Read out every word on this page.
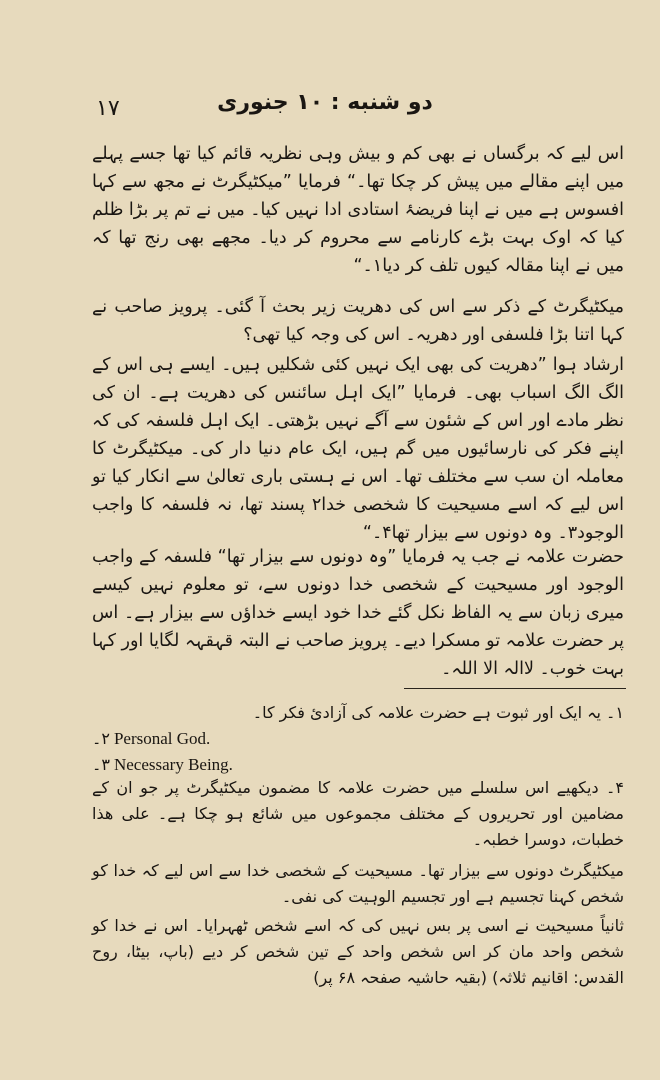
۱۷	دو شنبه : ۱۰ جنوری

اس لیے کہ برگساں نے بھی کم و بیش وہی نظریہ قائم کیا تھا جسے پہلے میں اپنے مقالے میں پیش کر چکا تھا۔“ فرمایا ”میکٹیگرٹ نے مجھ سے کہا افسوس ہے میں نے اپنا فریضۂ استادی ادا نہیں کیا۔ میں نے تم پر بڑا ظلم کیا کہ اوک بہت بڑے کارنامے سے محروم کر دیا۔ مجھے بھی رنج تھا کہ میں نے اپنا مقالہ کیوں تلف کر دیا۱۔“

میکٹیگرٹ کے ذکر سے اس کی دھریت زیر بحث آ گئی۔ پرویز صاحب نے کہا اتنا بڑا فلسفی اور دھریہ۔ اس کی وجہ کیا تھی؟

ارشاد ہوا ”دھریت کی بھی ایک نہیں کئی شکلیں ہیں۔ ایسے ہی اس کے الگ الگ اسباب بھی۔ فرمایا ”ایک اہل سائنس کی دھریت ہے۔ ان کی نظر مادے اور اس کے شئون سے آگے نہیں بڑھتی۔ ایک اہل فلسفہ کی کہ اپنے فکر کی نارسائیوں میں گم ہیں، ایک عام دنیا دار کی۔ میکٹیگرٹ کا معاملہ ان سب سے مختلف تھا۔ اس نے ہستی باری تعالیٰ سے انکار کیا تو اس لیے کہ اسے مسیحیت کا شخصی خدا۲ پسند تھا، نہ فلسفہ کا واجب الوجود۳۔ وہ دونوں سے بیزار تھا۴۔“

حضرت علامہ نے جب یہ فرمایا ”وہ دونوں سے بیزار تھا“ فلسفہ کے واجب الوجود اور مسیحیت کے شخصی خدا دونوں سے، تو معلوم نہیں کیسے میری زبان سے یہ الفاظ نکل گئے خدا خود ایسے خداؤں سے بیزار ہے۔ اس پر حضرت علامہ تو مسکرا دیے۔ پرویز صاحب نے البتہ قہقہہ لگایا اور کہا بہت خوب۔ لاالہ الا اللہ۔

۱۔ یہ ایک اور ثبوت ہے حضرت علامہ کی آزادیٔ فکر کا۔

Personal God.
۲۔
Necessary Being.
۳۔

۴۔ دیکھیے اس سلسلے میں حضرت علامہ کا مضمون میکٹیگرٹ پر جو ان کے مضامین اور تحریروں کے مختلف مجموعوں میں شائع ہو چکا ہے۔ علی ھذا خطبات، دوسرا خطبہ۔

میکٹیگرٹ دونوں سے بیزار تھا۔ مسیحیت کے شخصی خدا سے اس لیے کہ خدا کو شخص کہنا تجسیم ہے اور تجسیم الوہیت کی نفی۔

ثانیاً مسیحیت نے اسی پر بس نہیں کی کہ اسے شخص ٹھہرایا۔ اس نے خدا کو شخص واحد مان کر اس شخص واحد کے تین شخص کر دیے (باپ، بیٹا، روح القدس: اقانیم ثلاثہ) (بقیہ حاشیہ صفحہ ۶۸ پر)
